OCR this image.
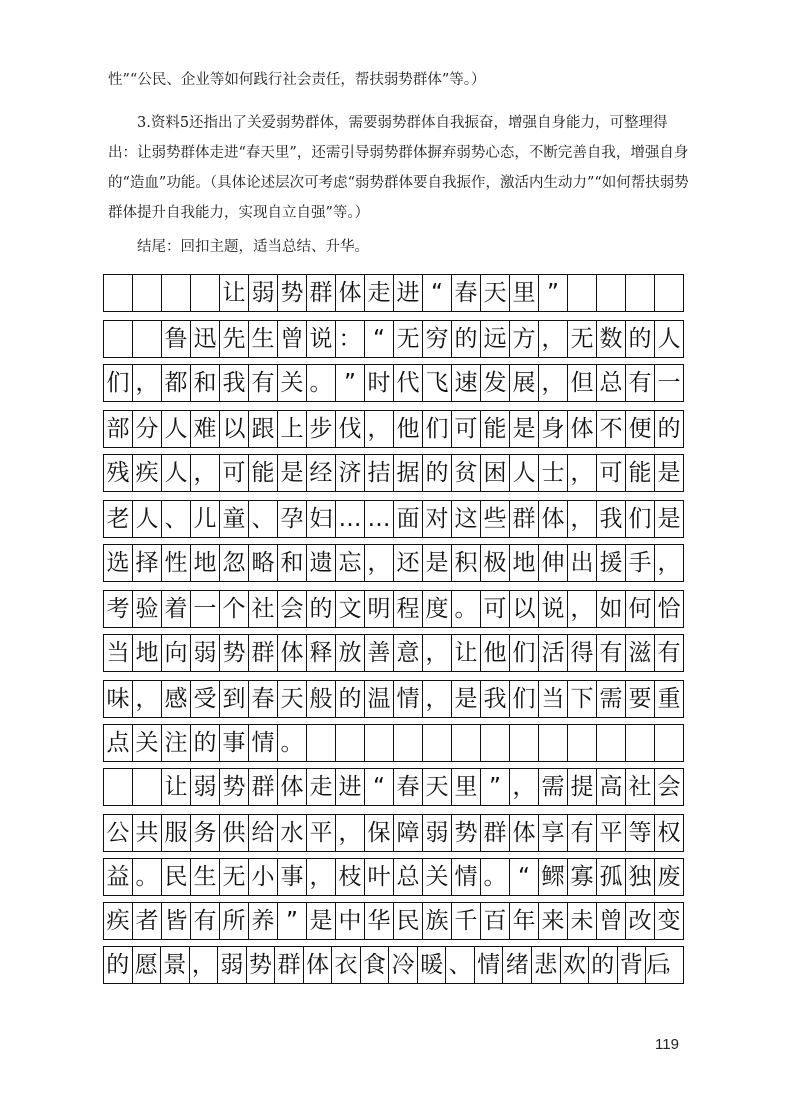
性”“公民、企业等如何践行社会责任，帮扶弱势群体”等。）

3.资料5还指出了关爱弱势群体，需要弱势群体自我振奋，增强自身能力，可整理得出：让弱势群体走进“春天里”，还需引导弱势群体摒弃弱势心态，不断完善自我，增强自身的“造血”功能。（具体论述层次可考虑“弱势群体要自我振作，激活内生动力”“如何帮扶弱势群体提升自我能力，实现自立自强”等。）

结尾：回扣主题，适当总结、升华。

让 弱 势 群 体 走 进 “ 春 天 里 ”
鲁 迅 先 生 曾 说 ： “ 无 穷 的 远 方 ， 无 数 的 人
们 ， 都 和 我 有 关 。 ” 时 代 飞 速 发 展 ， 但 总 有 一
部 分 人 难 以 跟 上 步 伐 ， 他 们 可 能 是 身 体 不 便 的
残 疾 人 ， 可 能 是 经 济 拮 据 的 贫 困 人 士 ， 可 能 是
老 人 、 儿 童 、 孕 妇 … … 面 对 这 些 群 体 ， 我 们 是
选 择 性 地 忽 略 和 遗 忘 ， 还 是 积 极 地 伸 出 援 手 ，
考 验 着 一 个 社 会 的 文 明 程 度 。 可 以 说 ， 如 何 恰
当 地 向 弱 势 群 体 释 放 善 意 ， 让 他 们 活 得 有 滋 有
味 ， 感 受 到 春 天 般 的 温 情 ， 是 我 们 当 下 需 要 重
点 关 注 的 事 情 。
让 弱 势 群 体 走 进 “ 春 天 里 ” ， 需 提 高 社 会
公 共 服 务 供 给 水 平 ， 保 障 弱 势 群 体 享 有 平 等 权
益 。 民 生 无 小 事 ， 枝 叶 总 关 情 。 “ 鳏 寡 孤 独 废
疾 者 皆 有 所 养 ” 是 中 华 民 族 千 百 年 来 未 曾 改 变
的 愿 景 ， 弱 势 群 体 衣 食 冷 暖 、 情 绪 悲 欢 的 背 后
，
119
